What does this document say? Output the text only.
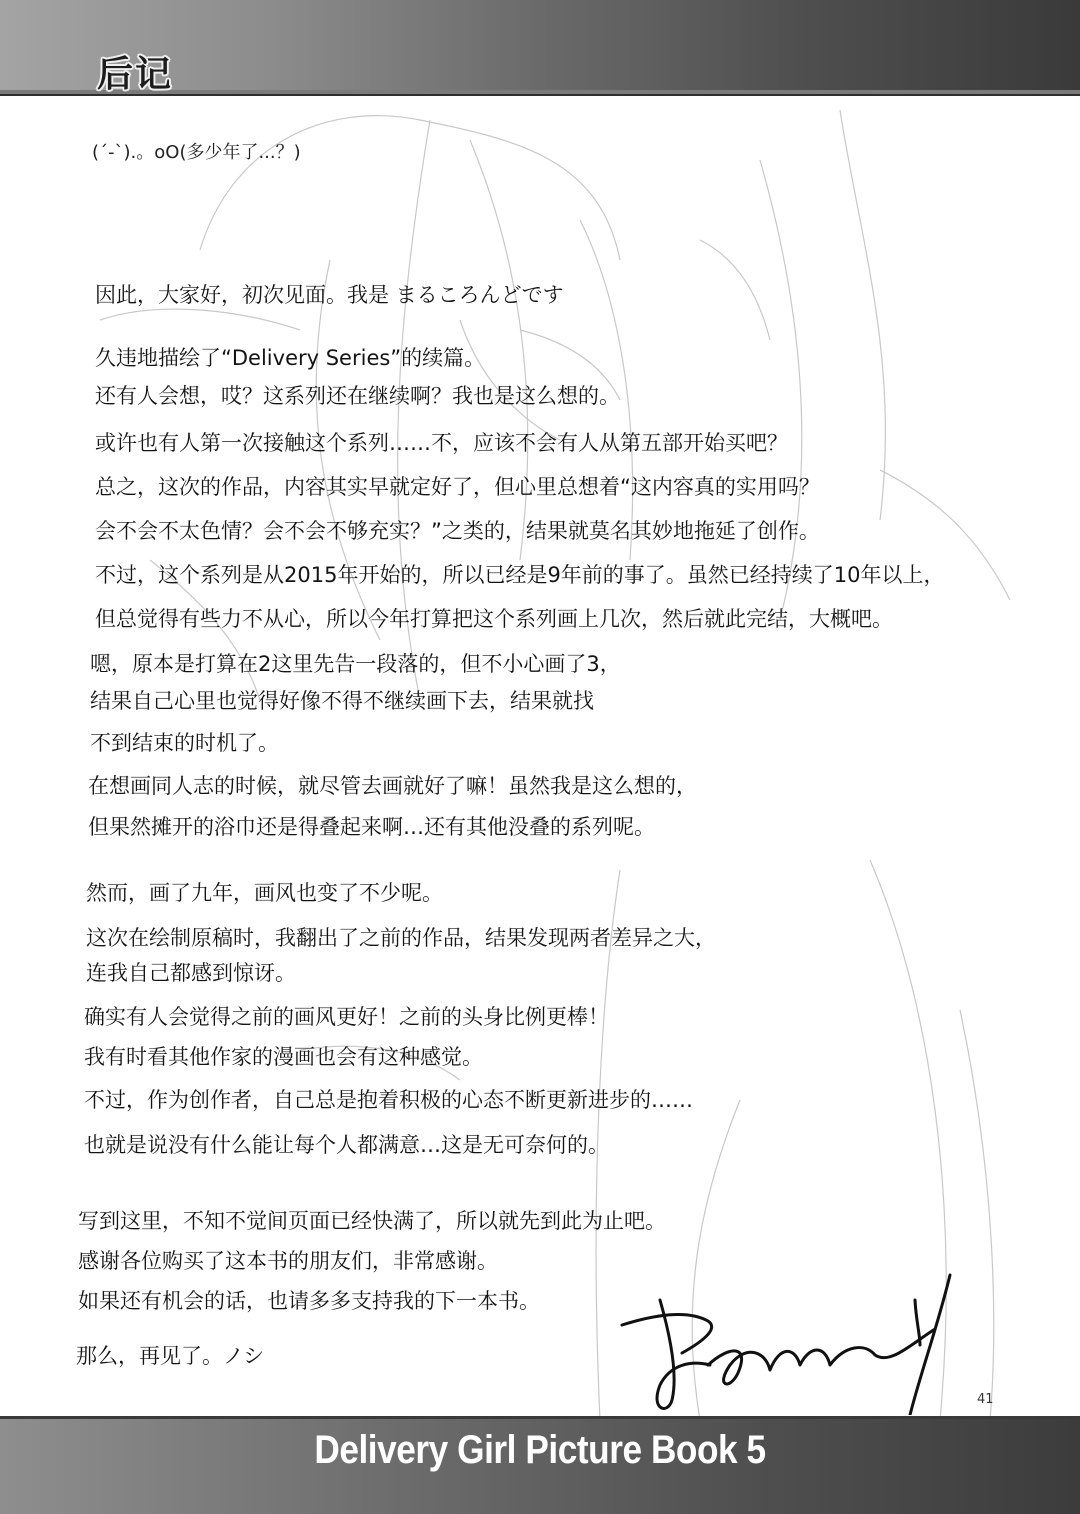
后记
(´-`).。oO(多少年了...？)
因此，大家好，初次见面。我是 まるころんどです
久违地描绘了“Delivery Series”的续篇。
还有人会想，哎？这系列还在继续啊？我也是这么想的。
或许也有人第一次接触这个系列……不，应该不会有人从第五部开始买吧？
总之，这次的作品，内容其实早就定好了，但心里总想着“这内容真的实用吗？
会不会不太色情？会不会不够充实？”之类的，结果就莫名其妙地拖延了创作。
不过，这个系列是从2015年开始的，所以已经是9年前的事了。虽然已经持续了10年以上，
但总觉得有些力不从心，所以今年打算把这个系列画上几次，然后就此完结，大概吧。
嗯，原本是打算在2这里先告一段落的，但不小心画了3，
结果自己心里也觉得好像不得不继续画下去，结果就找
不到结束的时机了。
在想画同人志的时候，就尽管去画就好了嘛！虽然我是这么想的，
但果然摊开的浴巾还是得叠起来啊…还有其他没叠的系列呢。
然而，画了九年，画风也变了不少呢。
这次在绘制原稿时，我翻出了之前的作品，结果发现两者差异之大，
连我自己都感到惊讶。
确实有人会觉得之前的画风更好！之前的头身比例更棒！
我有时看其他作家的漫画也会有这种感觉。
不过，作为创作者，自己总是抱着积极的心态不断更新进步的……
也就是说没有什么能让每个人都满意…这是无可奈何的。
写到这里，不知不觉间页面已经快满了，所以就先到此为止吧。
感谢各位购买了这本书的朋友们，非常感谢。
如果还有机会的话，也请多多支持我的下一本书。
那么，再见了。ノシ
41
Delivery Girl Picture Book 5
